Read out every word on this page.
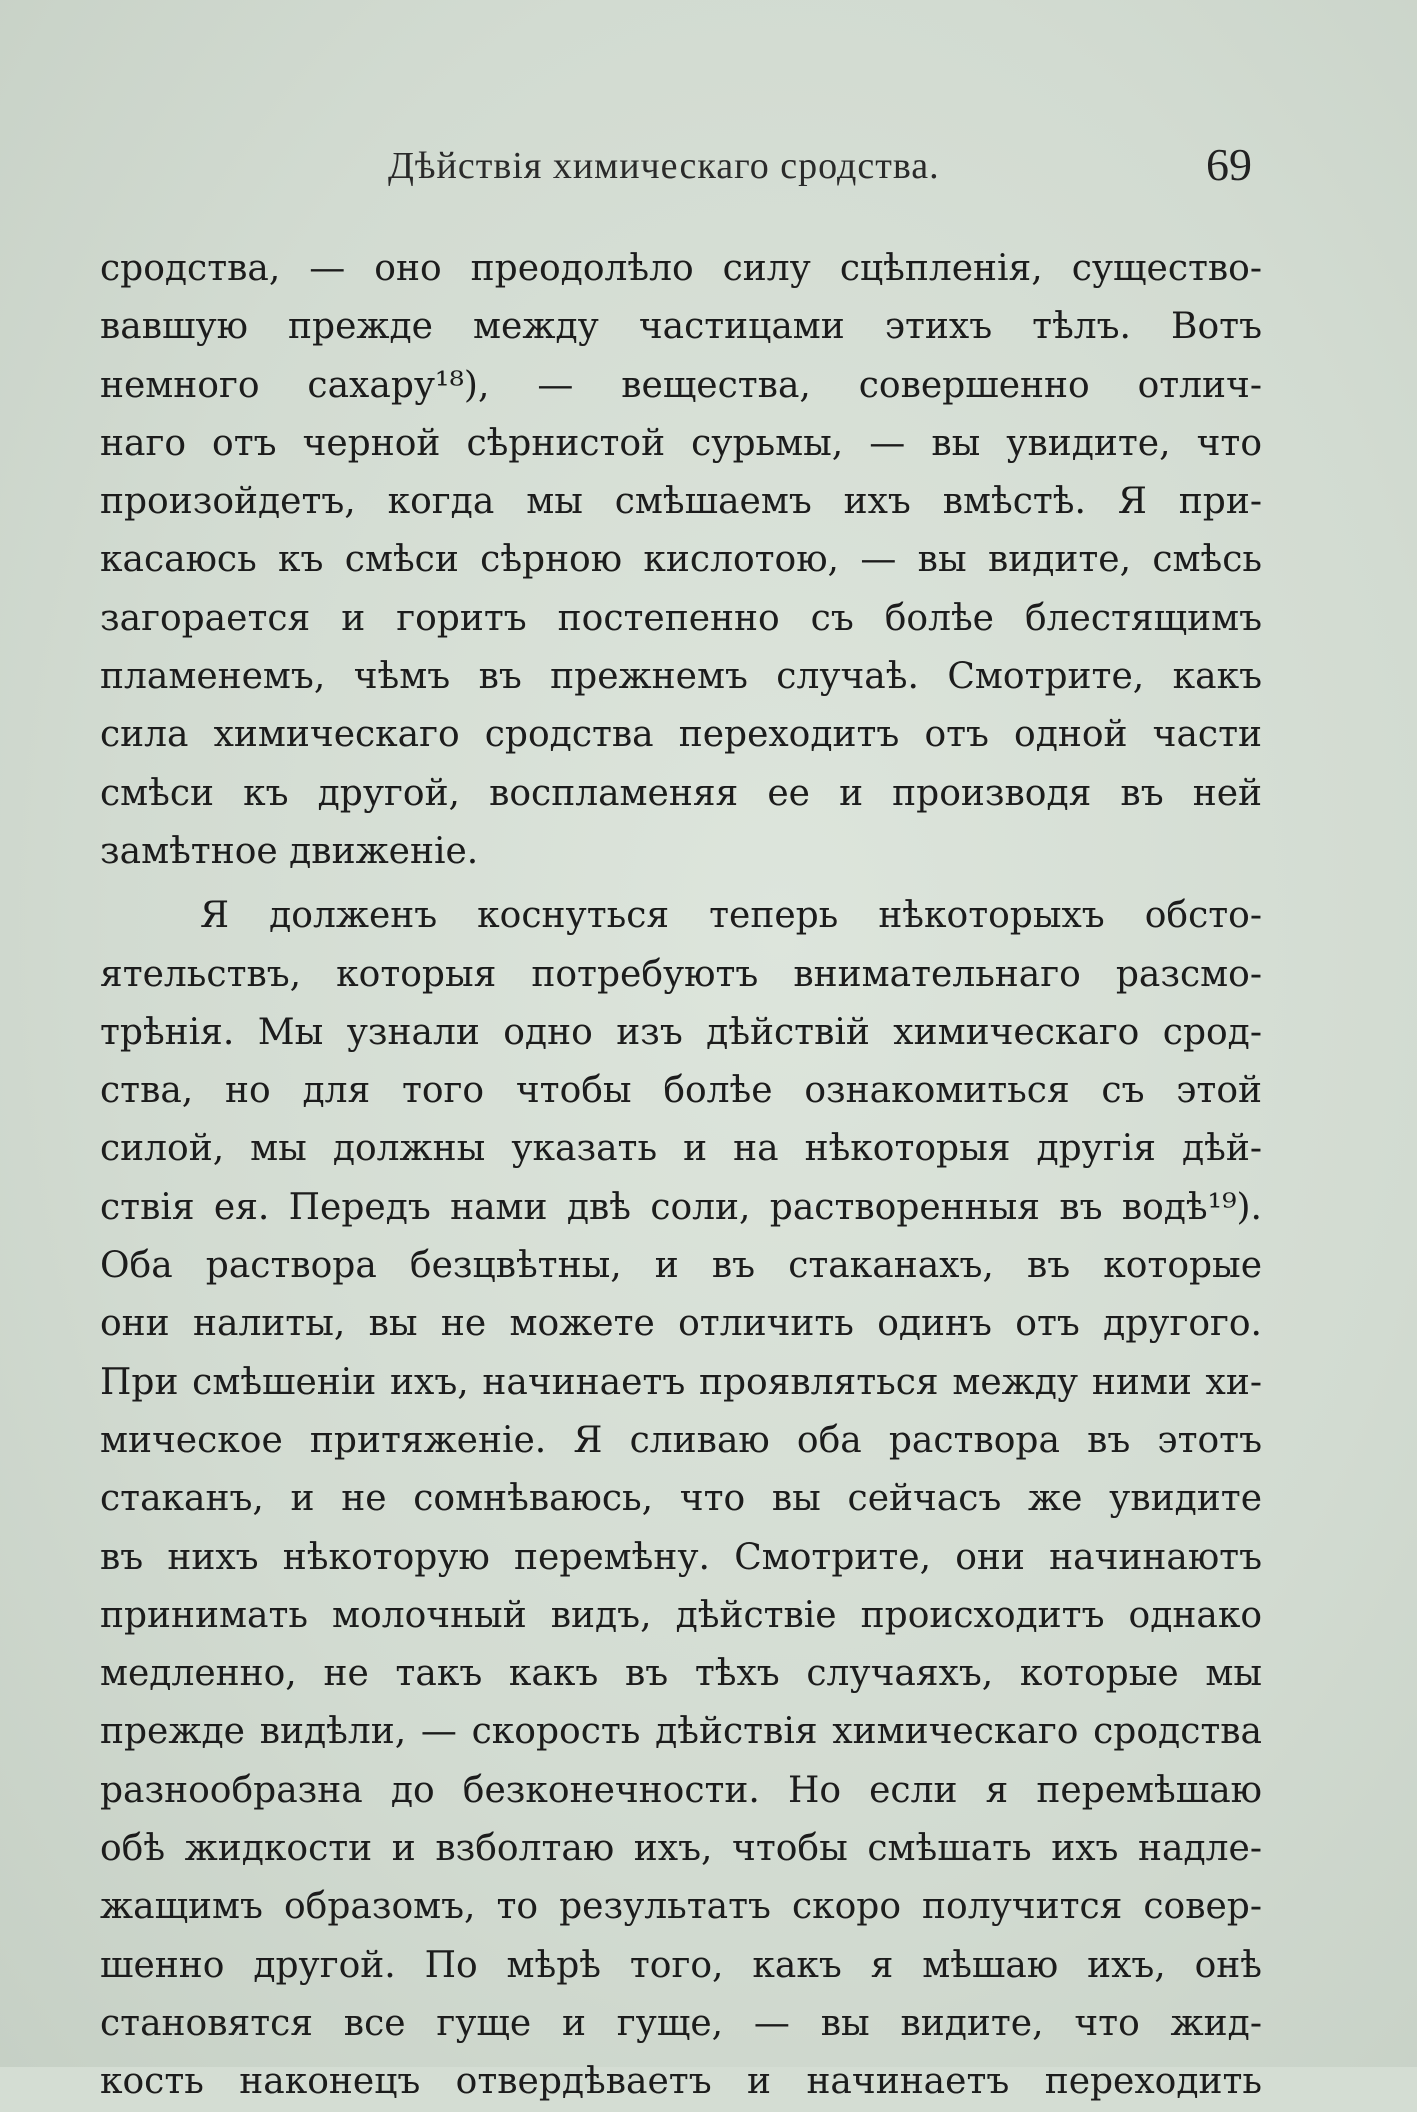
Дѣйствія химическаго сродства.	69
сродства, — оно преодолѣло силу сцѣпленія, существо-
вавшую прежде между частицами этихъ тѣлъ. Вотъ
немного сахару¹⁸), — вещества, совершенно отлич-
наго отъ черной сѣрнистой сурьмы, — вы увидите, что
произойдетъ, когда мы смѣшаемъ ихъ вмѣстѣ. Я при-
касаюсь къ смѣси сѣрною кислотою, — вы видите, смѣсь
загорается и горитъ постепенно съ болѣе блестящимъ
пламенемъ, чѣмъ въ прежнемъ случаѣ. Смотрите, какъ
сила химическаго сродства переходитъ отъ одной части
смѣси къ другой, воспламеняя ее и производя въ ней
замѣтное движеніе.
Я долженъ коснуться теперь нѣкоторыхъ обсто-
ятельствъ, которыя потребуютъ внимательнаго разсмо-
трѣнія. Мы узнали одно изъ дѣйствій химическаго срод-
ства, но для того чтобы болѣе ознакомиться съ этой
силой, мы должны указать и на нѣкоторыя другія дѣй-
ствія ея. Передъ нами двѣ соли, растворенныя въ водѣ¹⁹).
Оба раствора безцвѣтны, и въ стаканахъ, въ которые
они налиты, вы не можете отличить одинъ отъ другого.
При смѣшеніи ихъ, начинаетъ проявляться между ними хи-
мическое притяженіе. Я сливаю оба раствора въ этотъ
стаканъ, и не сомнѣваюсь, что вы сейчасъ же увидите
въ нихъ нѣкоторую перемѣну. Смотрите, они начинаютъ
принимать молочный видъ, дѣйствіе происходитъ однако
медленно, не такъ какъ въ тѣхъ случаяхъ, которые мы
прежде видѣли, — скорость дѣйствія химическаго сродства
разнообразна до безконечности. Но если я перемѣшаю
обѣ жидкости и взболтаю ихъ, чтобы смѣшать ихъ надле-
жащимъ образомъ, то результатъ скоро получится совер-
шенно другой. По мѣрѣ того, какъ я мѣшаю ихъ, онѣ
становятся все гуще и гуще, — вы видите, что жид-
кость наконецъ отвердѣваетъ и начинаетъ переходить
